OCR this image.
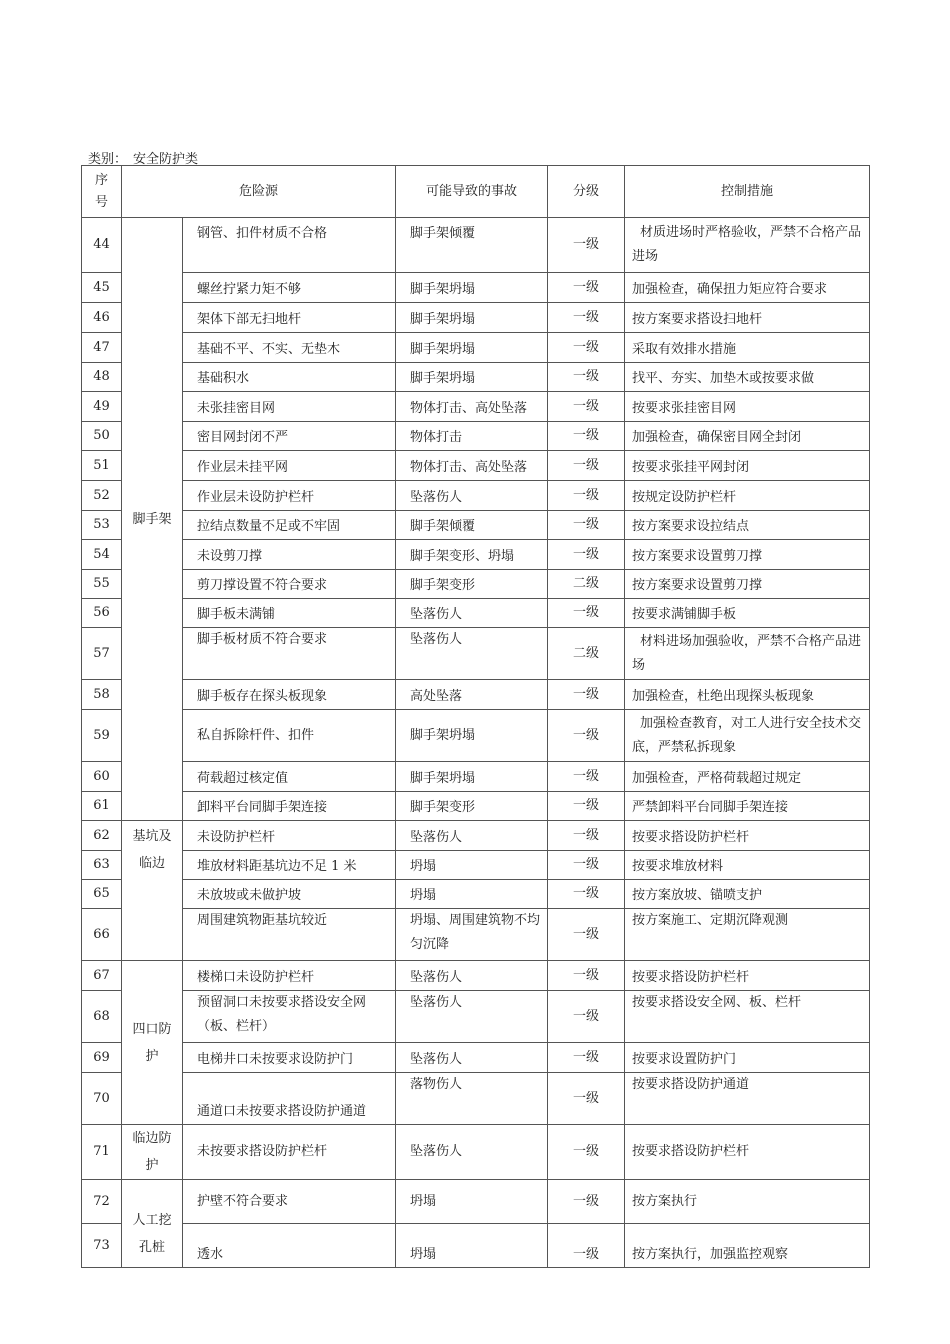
类别： 安全防护类
序
号	危险源		可能导致的事故	分级	控制措施
44	脚手架	钢管、扣件材质不合格	脚手架倾覆	一级	材质进场时严格验收，严禁不合格产品进场
45		螺丝拧紧力矩不够	脚手架坍塌	一级	加强检查，确保扭力矩应符合要求
46		架体下部无扫地杆	脚手架坍塌	一级	按方案要求搭设扫地杆
47		基础不平、不实、无垫木	脚手架坍塌	一级	采取有效排水措施
48		基础积水	脚手架坍塌	一级	找平、夯实、加垫木或按要求做
49		未张挂密目网	物体打击、高处坠落	一级	按要求张挂密目网
50		密目网封闭不严	物体打击	一级	加强检查，确保密目网全封闭
51		作业层未挂平网	物体打击、高处坠落	一级	按要求张挂平网封闭
52		作业层未设防护栏杆	坠落伤人	一级	按规定设防护栏杆
53		拉结点数量不足或不牢固	脚手架倾覆	一级	按方案要求设拉结点
54		未设剪刀撑	脚手架变形、坍塌	一级	按方案要求设置剪刀撑
55		剪刀撑设置不符合要求	脚手架变形	二级	按方案要求设置剪刀撑
56		脚手板未满铺	坠落伤人	一级	按要求满铺脚手板
57		脚手板材质不符合要求	坠落伤人	二级	材料进场加强验收，严禁不合格产品进场
58		脚手板存在探头板现象	高处坠落	一级	加强检查，杜绝出现探头板现象
59		私自拆除杆件、扣件	脚手架坍塌	一级	加强检查教育，对工人进行安全技术交底，严禁私拆现象
60		荷载超过核定值	脚手架坍塌	一级	加强检查，严格荷载超过规定
61		卸料平台同脚手架连接	脚手架变形	一级	严禁卸料平台同脚手架连接
62	基坑及临边	未设防护栏杆	坠落伤人	一级	按要求搭设防护栏杆
63		堆放材料距基坑边不足 1 米	坍塌	一级	按要求堆放材料
65		未放坡或未做护坡	坍塌	一级	按方案放坡、锚喷支护
66		周围建筑物距基坑较近	坍塌、周围建筑物不均匀沉降	一级	按方案施工、定期沉降观测
67	四口防护	楼梯口未设防护栏杆	坠落伤人	一级	按要求搭设防护栏杆
68		预留洞口未按要求搭设安全网（板、栏杆）	坠落伤人	一级	按要求搭设安全网、板、栏杆
69		电梯井口未按要求设防护门	坠落伤人	一级	按要求设置防护门
70		通道口未按要求搭设防护通道	落物伤人	一级	按要求搭设防护通道
71	临边防护	未按要求搭设防护栏杆	坠落伤人	一级	按要求搭设防护栏杆
72	人工挖孔桩	护壁不符合要求	坍塌	一级	按方案执行
73		透水	坍塌	一级	按方案执行，加强监控观察
